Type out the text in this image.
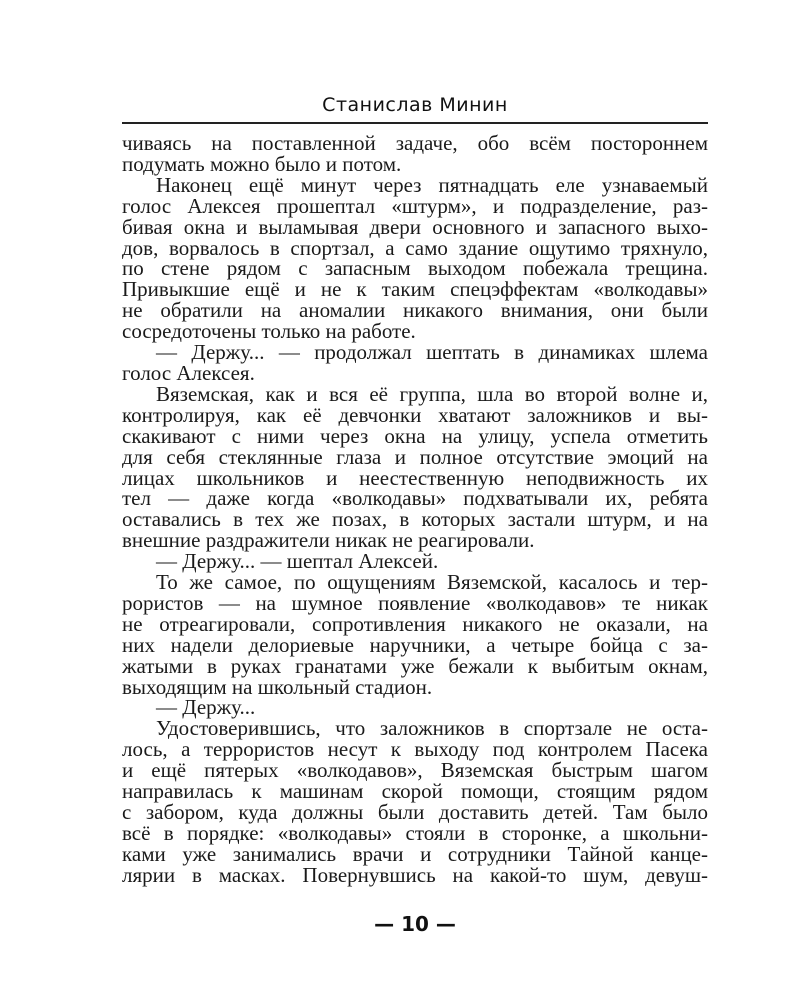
Станислав Минин
чиваясь на поставленной задаче, обо всём постороннем
подумать можно было и потом.
Наконец ещё минут через пятнадцать еле узнаваемый
голос Алексея прошептал «штурм», и подразделение, раз-
бивая окна и выламывая двери основного и запасного выхо-
дов, ворвалось в спортзал, а само здание ощутимо тряхнуло,
по стене рядом с запасным выходом побежала трещина.
Привыкшие ещё и не к таким спецэффектам «волкодавы»
не обратили на аномалии никакого внимания, они были
сосредоточены только на работе.
— Держу... — продолжал шептать в динамиках шлема
голос Алексея.
Вяземская, как и вся её группа, шла во второй волне и,
контролируя, как её девчонки хватают заложников и вы-
скакивают с ними через окна на улицу, успела отметить
для себя стеклянные глаза и полное отсутствие эмоций на
лицах школьников и неестественную неподвижность их
тел — даже когда «волкодавы» подхватывали их, ребята
оставались в тех же позах, в которых застали штурм, и на
внешние раздражители никак не реагировали.
— Держу... — шептал Алексей.
То же самое, по ощущениям Вяземской, касалось и тер-
рористов — на шумное появление «волкодавов» те никак
не отреагировали, сопротивления никакого не оказали, на
них надели делориевые наручники, а четыре бойца с за-
жатыми в руках гранатами уже бежали к выбитым окнам,
выходящим на школьный стадион.
— Держу...
Удостоверившись, что заложников в спортзале не оста-
лось, а террористов несут к выходу под контролем Пасека
и ещё пятерых «волкодавов», Вяземская быстрым шагом
направилась к машинам скорой помощи, стоящим рядом
с забором, куда должны были доставить детей. Там было
всё в порядке: «волкодавы» стояли в сторонке, а школьни-
ками уже занимались врачи и сотрудники Тайной канце-
лярии в масках. Повернувшись на какой-то шум, девуш-
— 10 —
